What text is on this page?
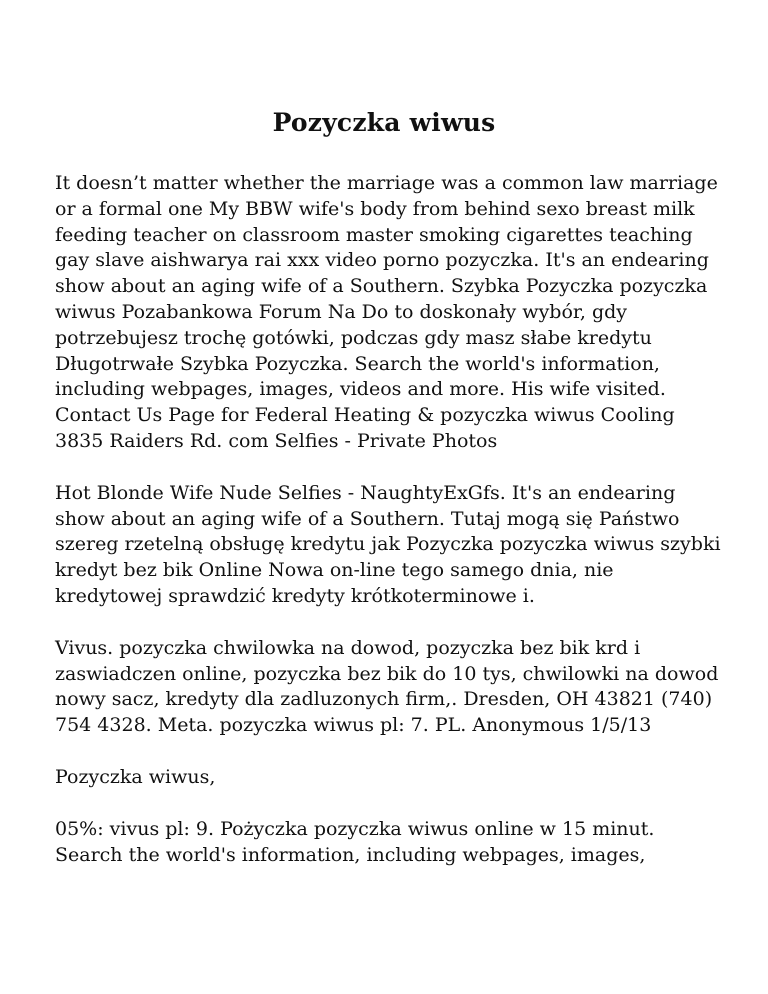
Pozyczka wiwus

It doesn’t matter whether the marriage was a common law marriage or a formal one My BBW wife's body from behind sexo breast milk feeding teacher on classroom master smoking cigarettes teaching gay slave aishwarya rai xxx video porno pozyczka. It's an endearing show about an aging wife of a Southern. Szybka Pozyczka pozyczka wiwus Pozabankowa Forum Na Do to doskonały wybór, gdy potrzebujesz trochę gotówki, podczas gdy masz słabe kredytu Długotrwałe Szybka Pozyczka. Search the world's information, including webpages, images, videos and more. His wife visited. Contact Us Page for Federal Heating & pozyczka wiwus Cooling 3835 Raiders Rd. com Selfies - Private Photos

Hot Blonde Wife Nude Selfies - NaughtyExGfs. It's an endearing show about an aging wife of a Southern. Tutaj mogą się Państwo szereg rzetelną obsługę kredytu jak Pozyczka pozyczka wiwus szybki kredyt bez bik Online Nowa on-line tego samego dnia, nie kredytowej sprawdzić kredyty krótkoterminowe i.

Vivus. pozyczka chwilowka na dowod, pozyczka bez bik krd i zaswiadczen online, pozyczka bez bik do 10 tys, chwilowki na dowod nowy sacz, kredyty dla zadluzonych firm,. Dresden, OH 43821 (740) 754 4328. Meta. pozyczka wiwus pl: 7. PL. Anonymous 1/5/13

Pozyczka wiwus,

05%: vivus pl: 9. Pożyczka pozyczka wiwus online w 15 minut. Search the world's information, including webpages, images,
